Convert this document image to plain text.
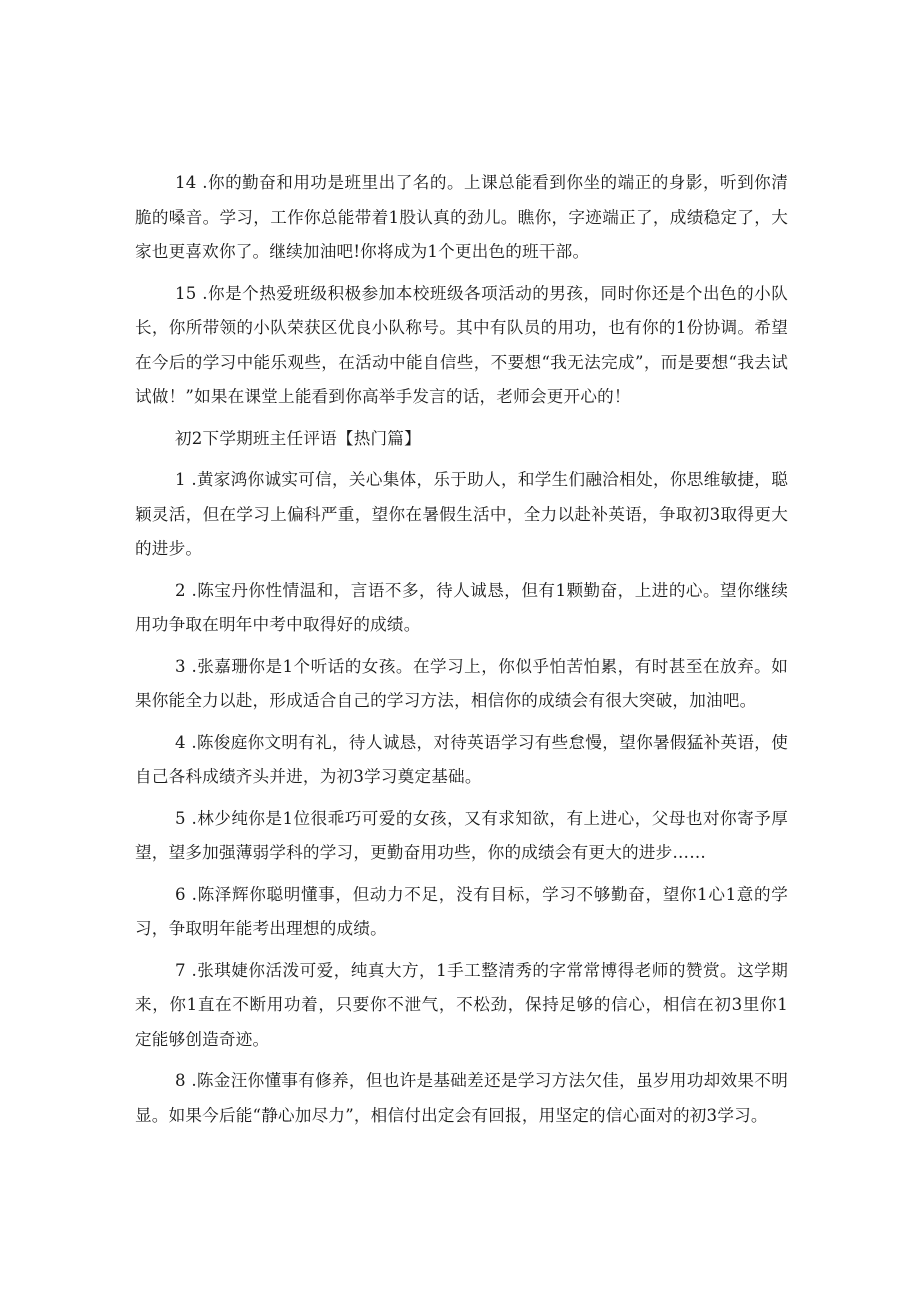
14 .你的勤奋和用功是班里出了名的。上课总能看到你坐的端正的身影，听到你清脆的嗓音。学习，工作你总能带着1股认真的劲儿。瞧你，字迹端正了，成绩稳定了，大家也更喜欢你了。继续加油吧!你将成为1个更出色的班干部。

15 .你是个热爱班级积极参加本校班级各项活动的男孩，同时你还是个出色的小队长，你所带领的小队荣获区优良小队称号。其中有队员的用功，也有你的1份协调。希望在今后的学习中能乐观些，在活动中能自信些，不要想“我无法完成”，而是要想“我去试试做！”如果在课堂上能看到你高举手发言的话，老师会更开心的！

初2下学期班主任评语【热门篇】

1 .黄家鸿你诚实可信，关心集体，乐于助人，和学生们融洽相处，你思维敏捷，聪颖灵活，但在学习上偏科严重，望你在暑假生活中，全力以赴补英语，争取初3取得更大的进步。

2 .陈宝丹你性情温和，言语不多，待人诚恳，但有1颗勤奋，上进的心。望你继续用功争取在明年中考中取得好的成绩。

3 .张嘉珊你是1个听话的女孩。在学习上，你似乎怕苦怕累，有时甚至在放弃。如果你能全力以赴，形成适合自己的学习方法，相信你的成绩会有很大突破，加油吧。

4 .陈俊庭你文明有礼，待人诚恳，对待英语学习有些怠慢，望你暑假猛补英语，使自己各科成绩齐头并进，为初3学习奠定基础。

5 .林少纯你是1位很乖巧可爱的女孩，又有求知欲，有上进心，父母也对你寄予厚望，望多加强薄弱学科的学习，更勤奋用功些，你的成绩会有更大的进步……

6 .陈泽辉你聪明懂事，但动力不足，没有目标，学习不够勤奋，望你1心1意的学习，争取明年能考出理想的成绩。

7 .张琪婕你活泼可爱，纯真大方，1手工整清秀的字常常博得老师的赞赏。这学期来，你1直在不断用功着，只要你不泄气，不松劲，保持足够的信心，相信在初3里你1定能够创造奇迹。

8 .陈金汪你懂事有修养，但也许是基础差还是学习方法欠佳，虽岁用功却效果不明显。如果今后能“静心加尽力”，相信付出定会有回报，用坚定的信心面对的初3学习。
